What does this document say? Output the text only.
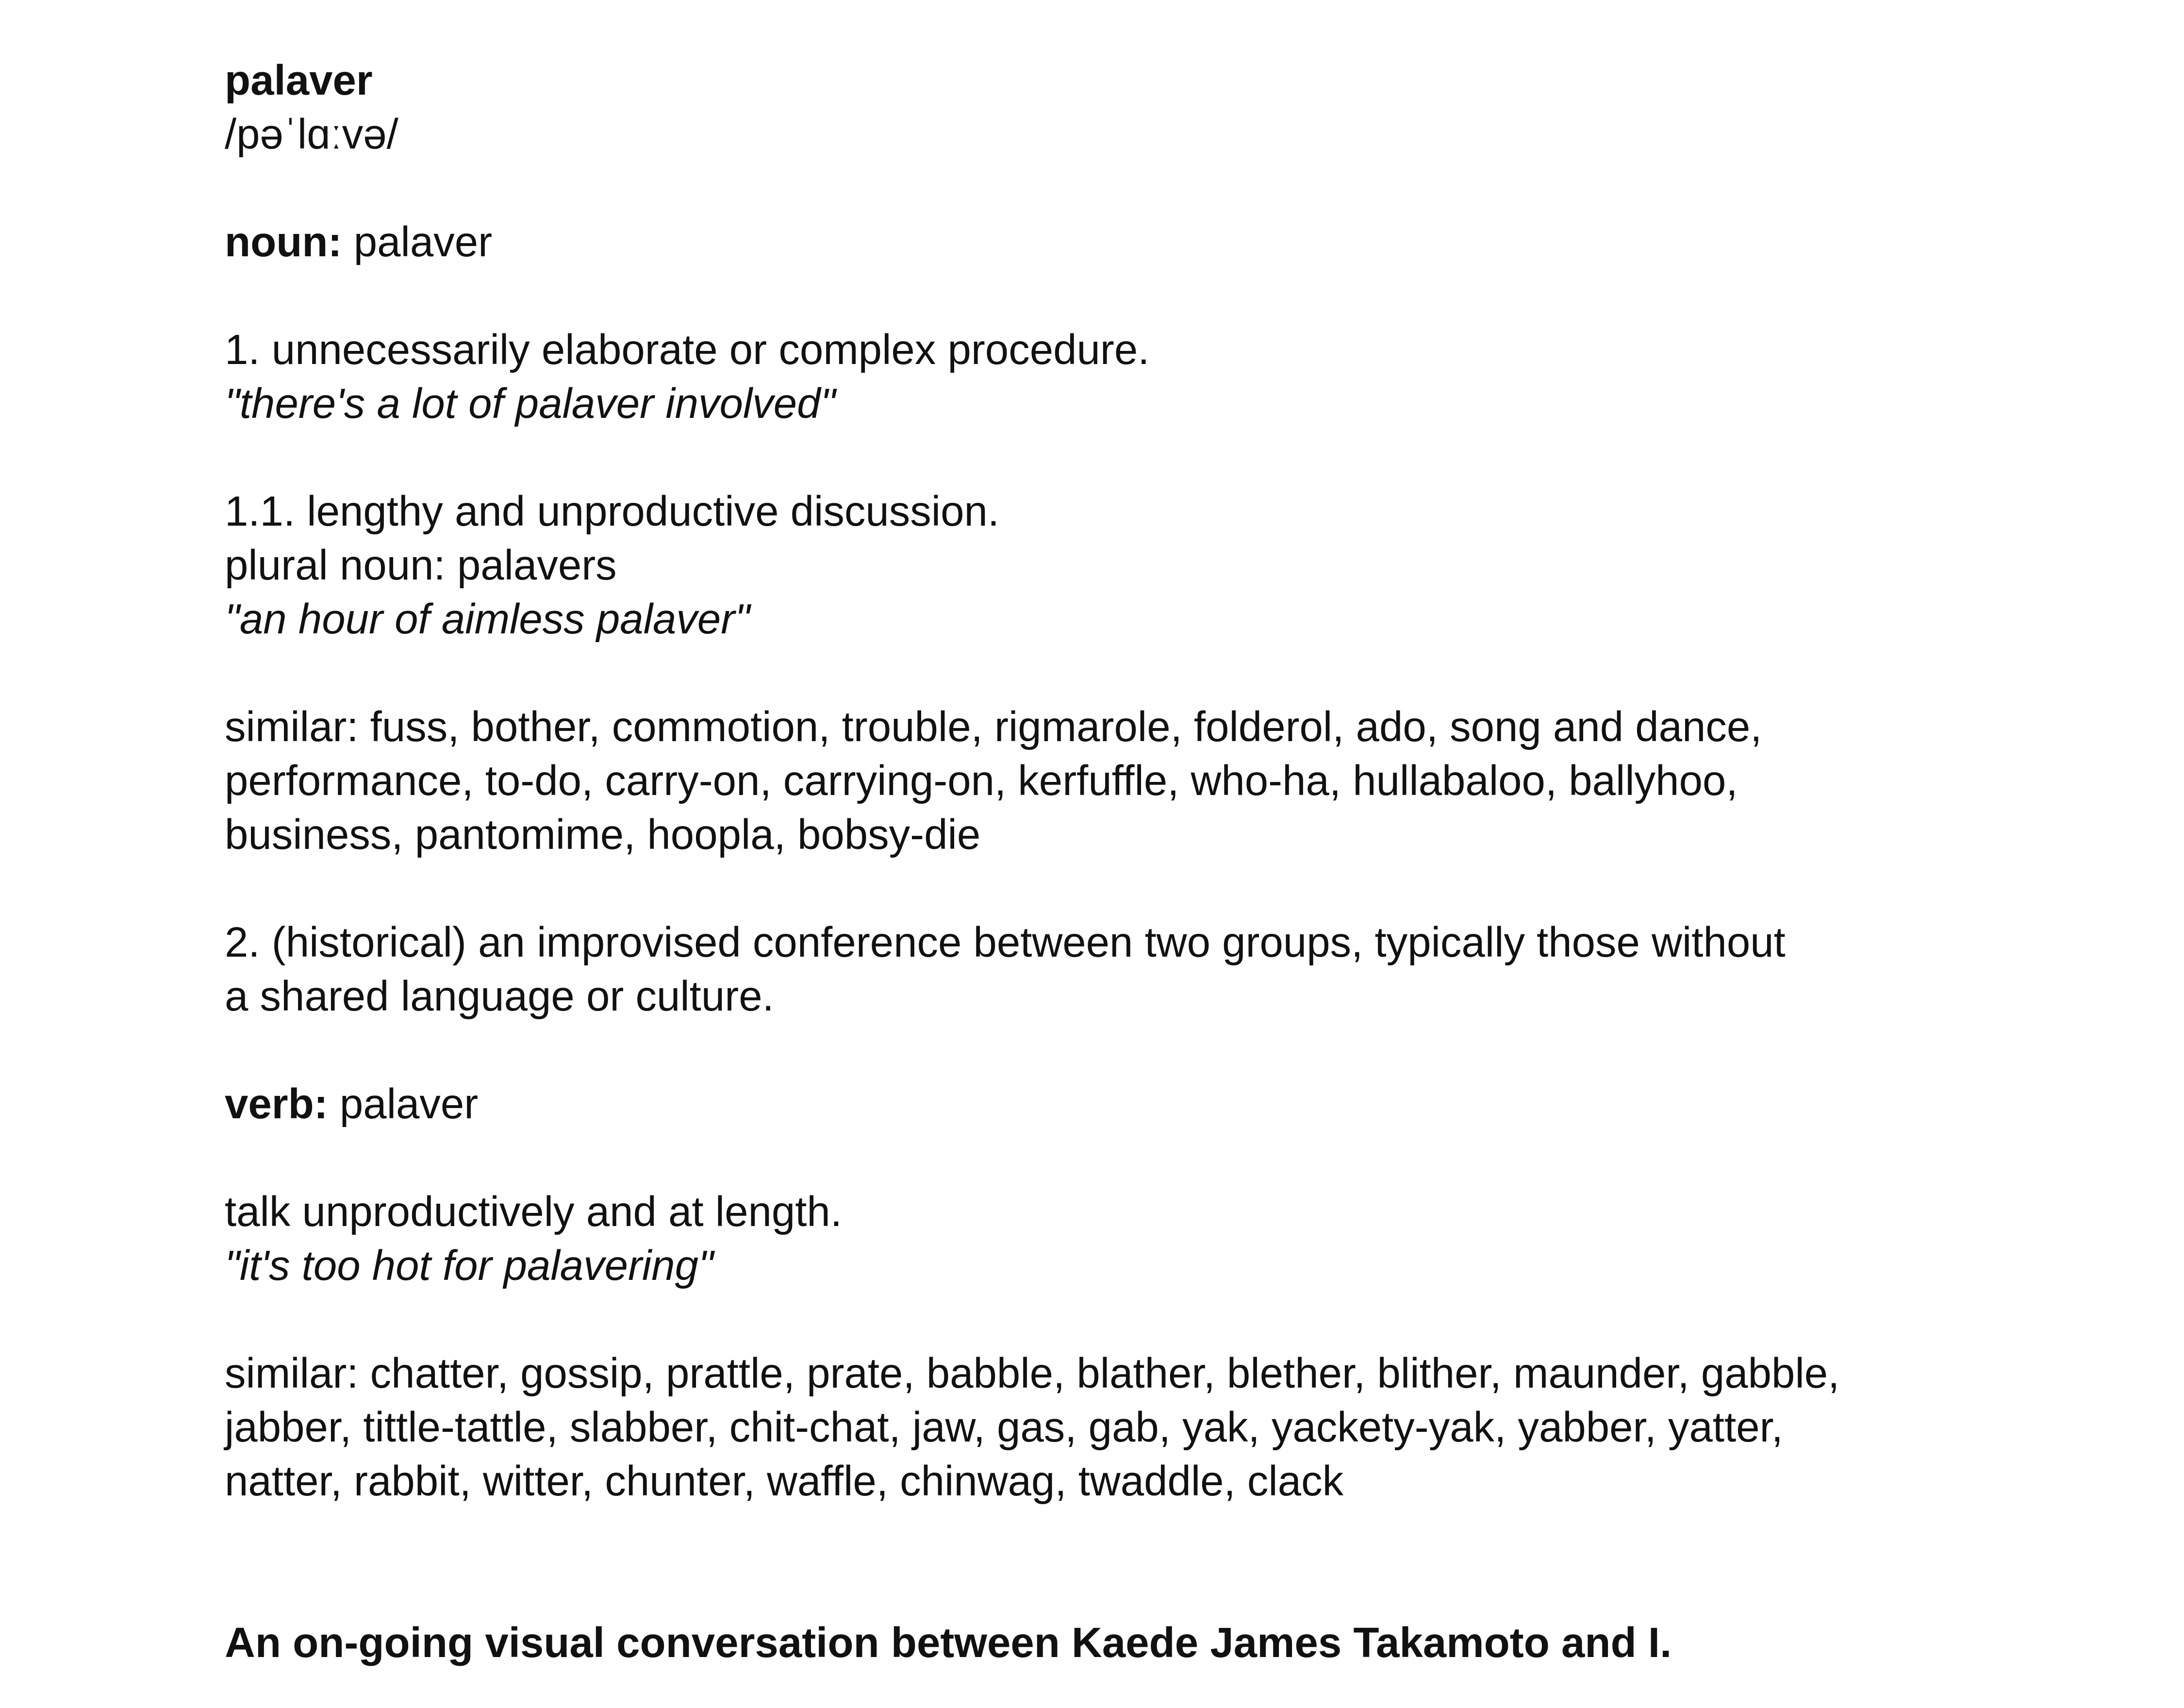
palaver
/pəˈlɑːvə/
noun: palaver
1. unnecessarily elaborate or complex procedure.
"there's a lot of palaver involved"
1.1. lengthy and unproductive discussion.
plural noun: palavers
"an hour of aimless palaver"
similar: fuss, bother, commotion, trouble, rigmarole, folderol, ado, song and dance,
performance, to-do, carry-on, carrying-on, kerfuffle, who-ha, hullabaloo, ballyhoo,
business, pantomime, hoopla, bobsy-die
2. (historical) an improvised conference between two groups, typically those without
a shared language or culture.
verb: palaver
talk unproductively and at length.
"it's too hot for palavering"
similar: chatter, gossip, prattle, prate, babble, blather, blether, blither, maunder, gabble,
jabber, tittle-tattle, slabber, chit-chat, jaw, gas, gab, yak, yackety-yak, yabber, yatter,
natter, rabbit, witter, chunter, waffle, chinwag, twaddle, clack
An on-going visual conversation between Kaede James Takamoto and I.
